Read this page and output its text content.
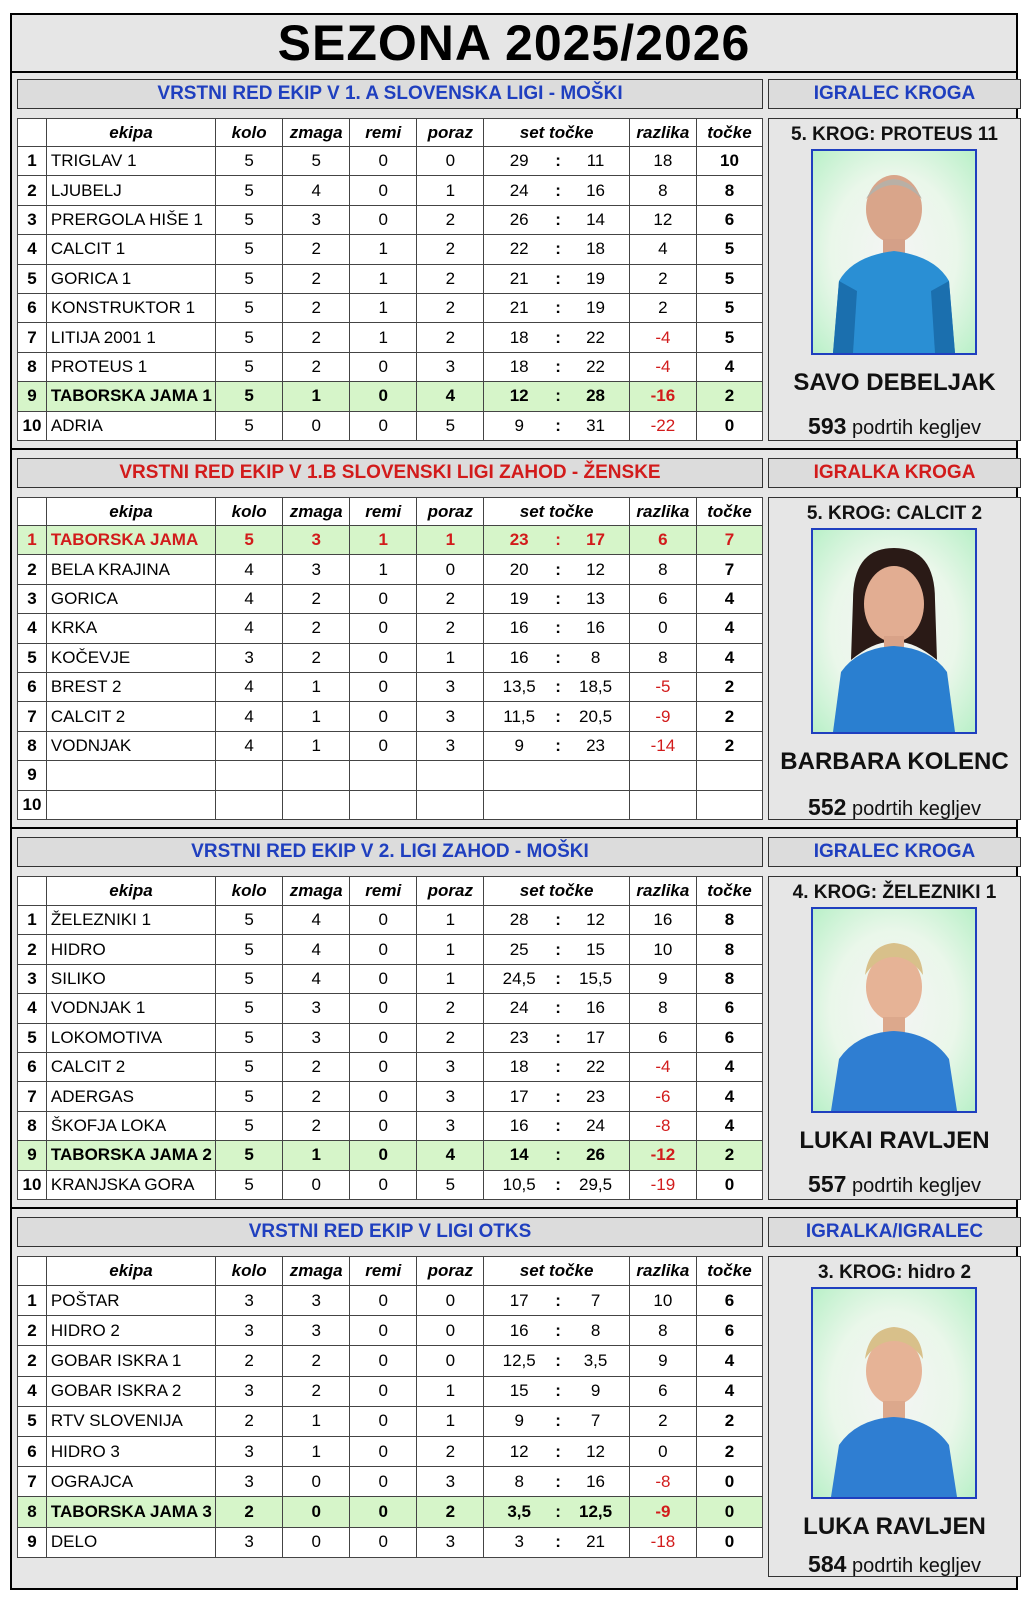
SEZONA 2025/2026
VRSTNI RED EKIP V 1. A SLOVENSKA LIGI - MOŠKI	IGRALEC KROGA
	ekipa	kolo	zmaga	remi	poraz	set točke			razlika	točke
1	TRIGLAV 1	5	5	0	0	29	:	11	18	10
2	LJUBELJ	5	4	0	1	24	:	16	8	8
3	PRERGOLA HIŠE 1	5	3	0	2	26	:	14	12	6
4	CALCIT 1	5	2	1	2	22	:	18	4	5
5	GORICA 1	5	2	1	2	21	:	19	2	5
6	KONSTRUKTOR 1	5	2	1	2	21	:	19	2	5
7	LITIJA 2001 1	5	2	1	2	18	:	22	-4	5
8	PROTEUS 1	5	2	0	3	18	:	22	-4	4
9	TABORSKA JAMA 1	5	1	0	4	12	:	28	-16	2
10	ADRIA	5	0	0	5	9	:	31	-22	0
5. KROG: PROTEUS 11
SAVO DEBELJAK
593 podrtih kegljev
VRSTNI RED EKIP V 1.B SLOVENSKI LIGI ZAHOD - ŽENSKE	IGRALKA KROGA
	ekipa	kolo	zmaga	remi	poraz	set točke			razlika	točke
1	TABORSKA JAMA	5	3	1	1	23	:	17	6	7
2	BELA KRAJINA	4	3	1	0	20	:	12	8	7
3	GORICA	4	2	0	2	19	:	13	6	4
4	KRKA	4	2	0	2	16	:	16	0	4
5	KOČEVJE	3	2	0	1	16	:	8	8	4
6	BREST 2	4	1	0	3	13,5	:	18,5	-5	2
7	CALCIT 2	4	1	0	3	11,5	:	20,5	-9	2
8	VODNJAK	4	1	0	3	9	:	23	-14	2
9										
10										
5. KROG: CALCIT 2
BARBARA KOLENC
552 podrtih kegljev
VRSTNI RED EKIP V 2. LIGI ZAHOD - MOŠKI	IGRALEC KROGA
	ekipa	kolo	zmaga	remi	poraz	set točke			razlika	točke
1	ŽELEZNIKI 1	5	4	0	1	28	:	12	16	8
2	HIDRO	5	4	0	1	25	:	15	10	8
3	SILIKO	5	4	0	1	24,5	:	15,5	9	8
4	VODNJAK 1	5	3	0	2	24	:	16	8	6
5	LOKOMOTIVA	5	3	0	2	23	:	17	6	6
6	CALCIT 2	5	2	0	3	18	:	22	-4	4
7	ADERGAS	5	2	0	3	17	:	23	-6	4
8	ŠKOFJA LOKA	5	2	0	3	16	:	24	-8	4
9	TABORSKA JAMA 2	5	1	0	4	14	:	26	-12	2
10	KRANJSKA GORA	5	0	0	5	10,5	:	29,5	-19	0
4. KROG: ŽELEZNIKI 1
LUKAI RAVLJEN
557 podrtih kegljev
VRSTNI RED EKIP V LIGI OTKS	IGRALKA/IGRALEC
	ekipa	kolo	zmaga	remi	poraz	set točke			razlika	točke
1	POŠTAR	3	3	0	0	17	:	7	10	6
2	HIDRO 2	3	3	0	0	16	:	8	8	6
2	GOBAR ISKRA 1	2	2	0	0	12,5	:	3,5	9	4
4	GOBAR ISKRA 2	3	2	0	1	15	:	9	6	4
5	RTV SLOVENIJA	2	1	0	1	9	:	7	2	2
6	HIDRO 3	3	1	0	2	12	:	12	0	2
7	OGRAJCA	3	0	0	3	8	:	16	-8	0
8	TABORSKA JAMA 3	2	0	0	2	3,5	:	12,5	-9	0
9	DELO	3	0	0	3	3	:	21	-18	0
3. KROG: hidro 2
LUKA RAVLJEN
584 podrtih kegljev
